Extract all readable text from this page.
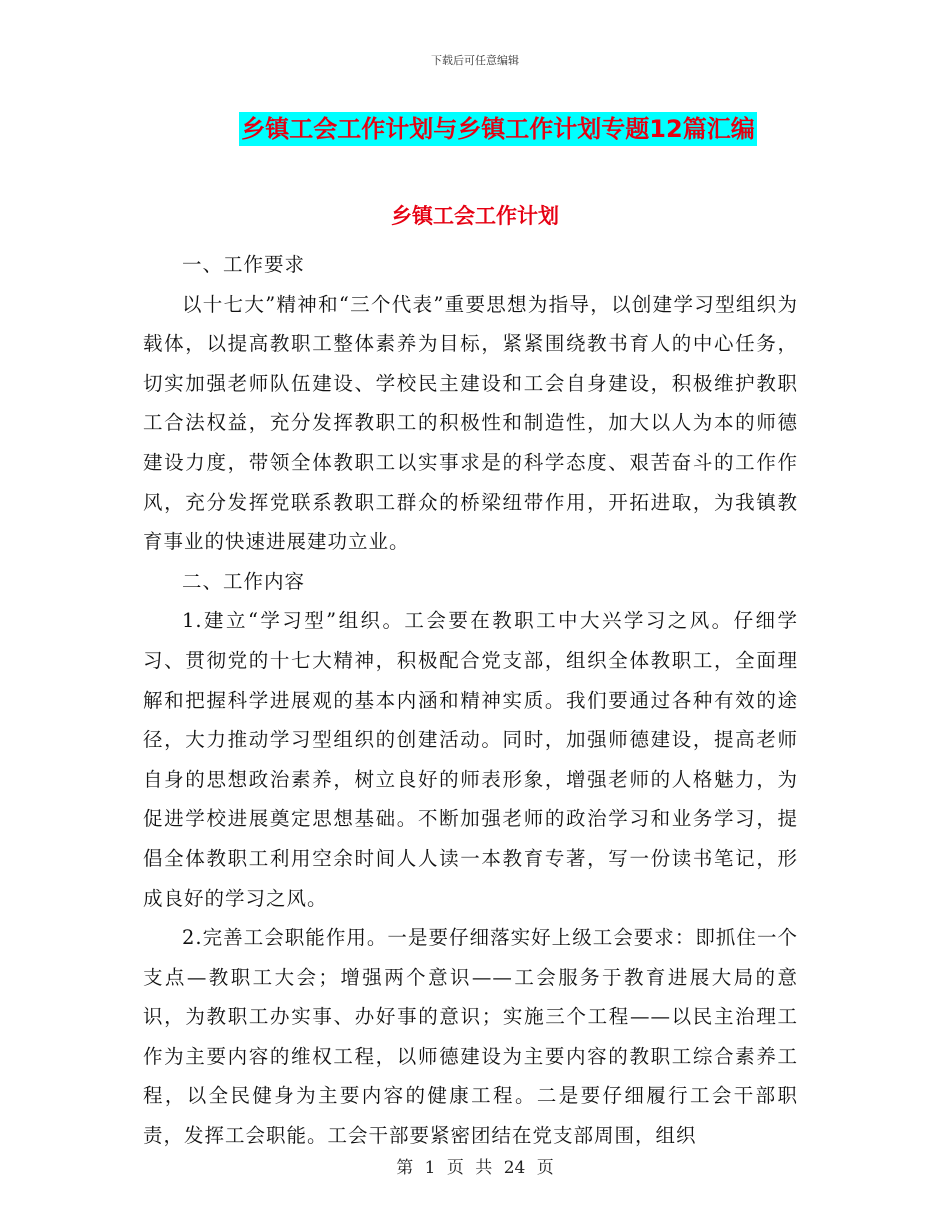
下载后可任意编辑
乡镇工会工作计划与乡镇工作计划专题12篇汇编
乡镇工会工作计划

一、工作要求

以十七大”精神和“三个代表”重要思想为指导，以创建学习型组织为载体，以提高教职工整体素养为目标，紧紧围绕教书育人的中心任务，切实加强老师队伍建设、学校民主建设和工会自身建设，积极维护教职工合法权益，充分发挥教职工的积极性和制造性，加大以人为本的师德建设力度，带领全体教职工以实事求是的科学态度、艰苦奋斗的工作作风，充分发挥党联系教职工群众的桥梁纽带作用，开拓进取，为我镇教育事业的快速进展建功立业。

二、工作内容

1.建立“学习型”组织。工会要在教职工中大兴学习之风。仔细学习、贯彻党的十七大精神，积极配合党支部，组织全体教职工，全面理解和把握科学进展观的基本内涵和精神实质。我们要通过各种有效的途径，大力推动学习型组织的创建活动。同时，加强师德建设，提高老师自身的思想政治素养，树立良好的师表形象，增强老师的人格魅力，为促进学校进展奠定思想基础。不断加强老师的政治学习和业务学习，提倡全体教职工利用空余时间人人读一本教育专著，写一份读书笔记，形成良好的学习之风。

2.完善工会职能作用。一是要仔细落实好上级工会要求：即抓住一个支点—教职工大会；增强两个意识——工会服务于教育进展大局的意识，为教职工办实事、办好事的意识；实施三个工程——以民主治理工作为主要内容的维权工程，以师德建设为主要内容的教职工综合素养工程，以全民健身为主要内容的健康工程。二是要仔细履行工会干部职责，发挥工会职能。工会干部要紧密团结在党支部周围，组织

第 1 页 共 24 页
